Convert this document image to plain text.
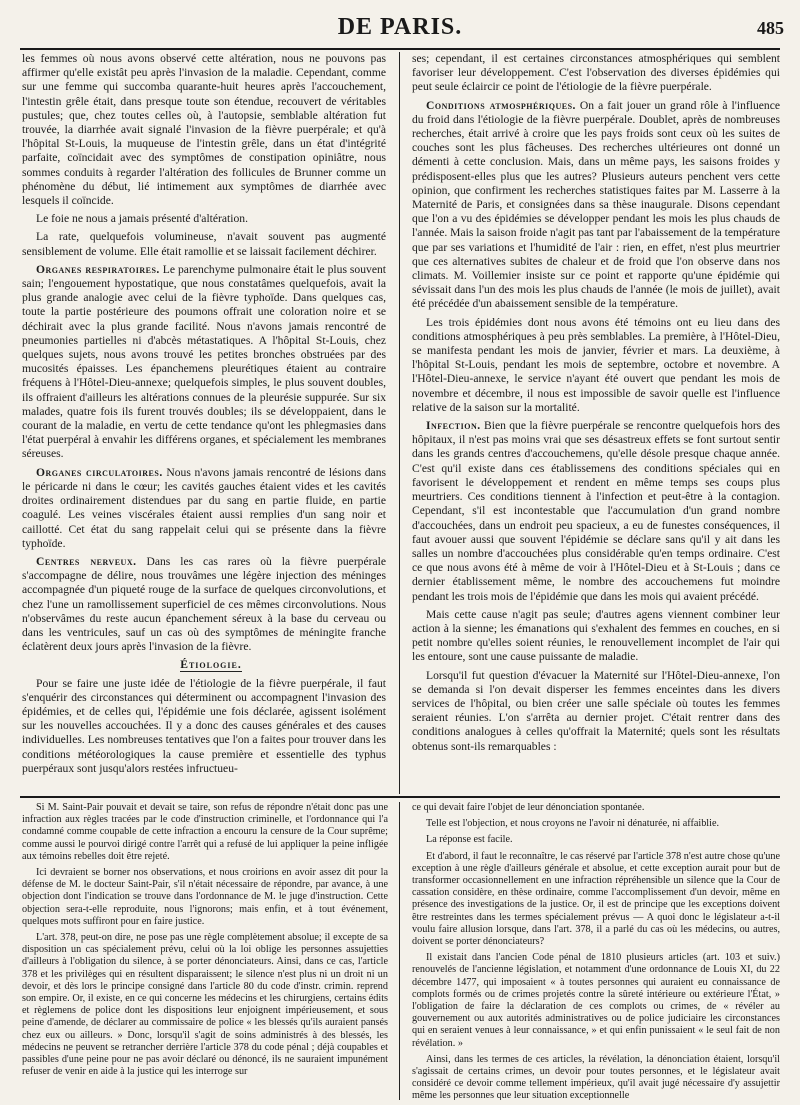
DE PARIS.	485

les femmes où nous avons observé cette altération, nous ne pouvons pas affirmer qu'elle existât peu après l'invasion de la maladie. Cependant, comme sur une femme qui succomba quarante-huit heures après l'accouchement, l'intestin grêle était, dans presque toute son étendue, recouvert de véritables pustules; que, chez toutes celles où, à l'autopsie, semblable altération fut trouvée, la diarrhée avait signalé l'invasion de la fièvre puerpérale; et qu'à l'hôpital St-Louis, la muqueuse de l'intestin grêle, dans un état d'intégrité parfaite, coïncidait avec des symptômes de constipation opiniâtre, nous sommes conduits à regarder l'altération des follicules de Brunner comme un phénomène du début, lié intimement aux symptômes de diarrhée avec lesquels il coïncide.

Le foie ne nous a jamais présenté d'altération.

La rate, quelquefois volumineuse, n'avait souvent pas augmenté sensiblement de volume. Elle était ramollie et se laissait facilement déchirer.

Organes respiratoires. Le parenchyme pulmonaire était le plus souvent sain; l'engouement hypostatique, que nous constatâmes quelquefois, avait la plus grande analogie avec celui de la fièvre typhoïde. Dans quelques cas, toute la partie postérieure des poumons offrait une coloration noire et se déchirait avec la plus grande facilité. Nous n'avons jamais rencontré de pneumonies partielles ni d'abcès métastatiques. A l'hôpital St-Louis, chez quelques sujets, nous avons trouvé les petites bronches obstruées par des mucosités épaisses. Les épanchemens pleurétiques étaient au contraire fréquens à l'Hôtel-Dieu-annexe; quelquefois simples, le plus souvent doubles, ils offraient d'ailleurs les altérations connues de la pleurésie suppurée. Sur six malades, quatre fois ils furent trouvés doubles; ils se développaient, dans le courant de la maladie, en vertu de cette tendance qu'ont les phlegmasies dans l'état puerpéral à envahir les différens organes, et spécialement les membranes séreuses.

Organes circulatoires. Nous n'avons jamais rencontré de lésions dans le péricarde ni dans le cœur; les cavités gauches étaient vides et les cavités droites ordinairement distendues par du sang en partie fluide, en partie coagulé. Les veines viscérales étaient aussi remplies d'un sang noir et caillotté. Cet état du sang rappelait celui qui se présente dans la fièvre typhoïde.

Centres nerveux. Dans les cas rares où la fièvre puerpérale s'accompagne de délire, nous trouvâmes une légère injection des méninges accompagnée d'un piqueté rouge de la surface de quelques circonvolutions, et chez l'une un ramollissement superficiel de ces mêmes circonvolutions. Nous n'observâmes du reste aucun épanchement séreux à la base du cerveau ou dans les ventricules, sauf un cas où des symptômes de méningite franche éclatèrent deux jours après l'invasion de la fièvre.

Étiologie.

Pour se faire une juste idée de l'étiologie de la fièvre puerpérale, il faut s'enquérir des circonstances qui déterminent ou accompagnent l'invasion des épidémies, et de celles qui, l'épidémie une fois déclarée, agissent isolément sur les nouvelles accouchées. Il y a donc des causes générales et des causes individuelles. Les nombreuses tentatives que l'on a faites pour trouver dans les conditions météorologiques la cause première et essentielle des typhus puerpéraux sont jusqu'alors restées infructueu-

ses; cependant, il est certaines circonstances atmosphériques qui semblent favoriser leur développement. C'est l'observation des diverses épidémies qui peut seule éclaircir ce point de l'étiologie de la fièvre puerpérale.

Conditions atmosphériques. On a fait jouer un grand rôle à l'influence du froid dans l'étiologie de la fièvre puerpérale. Doublet, après de nombreuses recherches, était arrivé à croire que les pays froids sont ceux où les suites de couches sont les plus fâcheuses. Des recherches ultérieures ont donné un démenti à cette conclusion. Mais, dans un même pays, les saisons froides y prédisposent-elles plus que les autres? Plusieurs auteurs penchent vers cette opinion, que confirment les recherches statistiques faites par M. Lasserre à la Maternité de Paris, et consignées dans sa thèse inaugurale. Disons cependant que l'on a vu des épidémies se développer pendant les mois les plus chauds de l'année. Mais la saison froide n'agit pas tant par l'abaissement de la température que par ses variations et l'humidité de l'air : rien, en effet, n'est plus meurtrier que ces alternatives subites de chaleur et de froid que l'on observe dans nos climats. M. Voillemier insiste sur ce point et rapporte qu'une épidémie qui sévissait dans l'un des mois les plus chauds de l'année (le mois de juillet), avait été précédée d'un abaissement sensible de la température.

Les trois épidémies dont nous avons été témoins ont eu lieu dans des conditions atmosphériques à peu près semblables. La première, à l'Hôtel-Dieu, se manifesta pendant les mois de janvier, février et mars. La deuxième, à l'hôpital St-Louis, pendant les mois de septembre, octobre et novembre. A l'Hôtel-Dieu-annexe, le service n'ayant été ouvert que pendant les mois de novembre et décembre, il nous est impossible de savoir quelle est l'influence relative de la saison sur la mortalité.

Infection. Bien que la fièvre puerpérale se rencontre quelquefois hors des hôpitaux, il n'est pas moins vrai que ses désastreux effets se font surtout sentir dans les grands centres d'accouchemens, qu'elle désole presque chaque année. C'est qu'il existe dans ces établissemens des conditions spéciales qui en favorisent le développement et rendent en même temps ses coups plus meurtriers. Ces conditions tiennent à l'infection et peut-être à la contagion. Cependant, s'il est incontestable que l'accumulation d'un grand nombre d'accouchées, dans un endroit peu spacieux, a eu de funestes conséquences, il faut avouer aussi que souvent l'épidémie se déclare sans qu'il y ait dans les salles un nombre d'accouchées plus considérable qu'en temps ordinaire. C'est ce que nous avons été à même de voir à l'Hôtel-Dieu et à St-Louis ; dans ce dernier établissement même, le nombre des accouchemens fut moindre pendant les trois mois de l'épidémie que dans les mois qui avaient précédé.

Mais cette cause n'agit pas seule; d'autres agens viennent combiner leur action à la sienne; les émanations qui s'exhalent des femmes en couches, en si petit nombre qu'elles soient réunies, le renouvellement incomplet de l'air qui les entoure, sont une cause puissante de maladie.

Lorsqu'il fut question d'évacuer la Maternité sur l'Hôtel-Dieu-annexe, l'on se demanda si l'on devait disperser les femmes enceintes dans les divers services de l'hôpital, ou bien créer une salle spéciale où toutes les femmes seraient réunies. L'on s'arrêta au dernier projet. C'était rentrer dans des conditions analogues à celles qu'offrait la Maternité; quels sont les résultats obtenus sont-ils remarquables :

Si M. Saint-Pair pouvait et devait se taire, son refus de répondre n'était donc pas une infraction aux règles tracées par le code d'instruction criminelle, et l'ordonnance qui l'a condamné comme coupable de cette infraction a encouru la censure de la Cour suprême; comme aussi le pourvoi dirigé contre l'arrêt qui a refusé de lui appliquer la peine infligée aux témoins rebelles doit être rejeté.

Ici devraient se borner nos observations, et nous croirions en avoir assez dit pour la défense de M. le docteur Saint-Pair, s'il n'était nécessaire de répondre, par avance, à une objection dont l'indication se trouve dans l'ordonnance de M. le juge d'instruction. Cette objection sera-t-elle reproduite, nous l'ignorons; mais enfin, et à tout événement, quelques mots suffiront pour en faire justice.

L'art. 378, peut-on dire, ne pose pas une règle complètement absolue; il excepte de sa disposition un cas spécialement prévu, celui où la loi oblige les personnes assujetties d'ailleurs à l'obligation du silence, à se porter dénonciateurs. Ainsi, dans ce cas, l'article 378 et les privilèges qui en résultent disparaissent; le silence n'est plus ni un droit ni un devoir, et dès lors le principe consigné dans l'article 80 du code d'instr. crimin. reprend son empire. Or, il existe, en ce qui concerne les médecins et les chirurgiens, certains édits et règlemens de police dont les dispositions leur enjoignent impérieusement, et sous peine d'amende, de déclarer au commissaire de police « les blessés qu'ils auraient pansés chez eux ou ailleurs. » Donc, lorsqu'il s'agit de soins administrés à des blessés, les médecins ne peuvent se retrancher derrière l'article 378 du code pénal ; déjà coupables et passibles d'une peine pour ne pas avoir déclaré ou dénoncé, ils ne sauraient impunément refuser de venir en aide à la justice qui les interroge sur

ce qui devait faire l'objet de leur dénonciation spontanée.

Telle est l'objection, et nous croyons ne l'avoir ni dénaturée, ni affaiblie.

La réponse est facile.

Et d'abord, il faut le reconnaître, le cas réservé par l'article 378 n'est autre chose qu'une exception à une règle d'ailleurs générale et absolue, et cette exception aurait pour but de transformer occasionnellement en une infraction répréhensible un silence que la Cour de cassation considère, en thèse ordinaire, comme l'accomplissement d'un devoir, même en présence des investigations de la justice. Or, il est de principe que les exceptions doivent être restreintes dans les termes spécialement prévus — A quoi donc le législateur a-t-il voulu faire allusion lorsque, dans l'art. 378, il a parlé du cas où les médecins, ou autres, doivent se porter dénonciateurs?

Il existait dans l'ancien Code pénal de 1810 plusieurs articles (art. 103 et suiv.) renouvelés de l'ancienne législation, et notamment d'une ordonnance de Louis XI, du 22 décembre 1477, qui imposaient « à toutes personnes qui auraient eu connaissance de complots formés ou de crimes projetés contre la sûreté intérieure ou extérieure l'État, » l'obligation de faire la déclaration de ces complots ou crimes, de « révéler au gouvernement ou aux autorités administratives ou de police judiciaire les circonstances qui en seraient venues à leur connaissance, » et qui enfin punissaient « le seul fait de non révélation. »

Ainsi, dans les termes de ces articles, la révélation, la dénonciation étaient, lorsqu'il s'agissait de certains crimes, un devoir pour toutes personnes, et le législateur avait considéré ce devoir comme tellement impérieux, qu'il avait jugé nécessaire d'y assujettir même les personnes que leur situation exceptionnelle
